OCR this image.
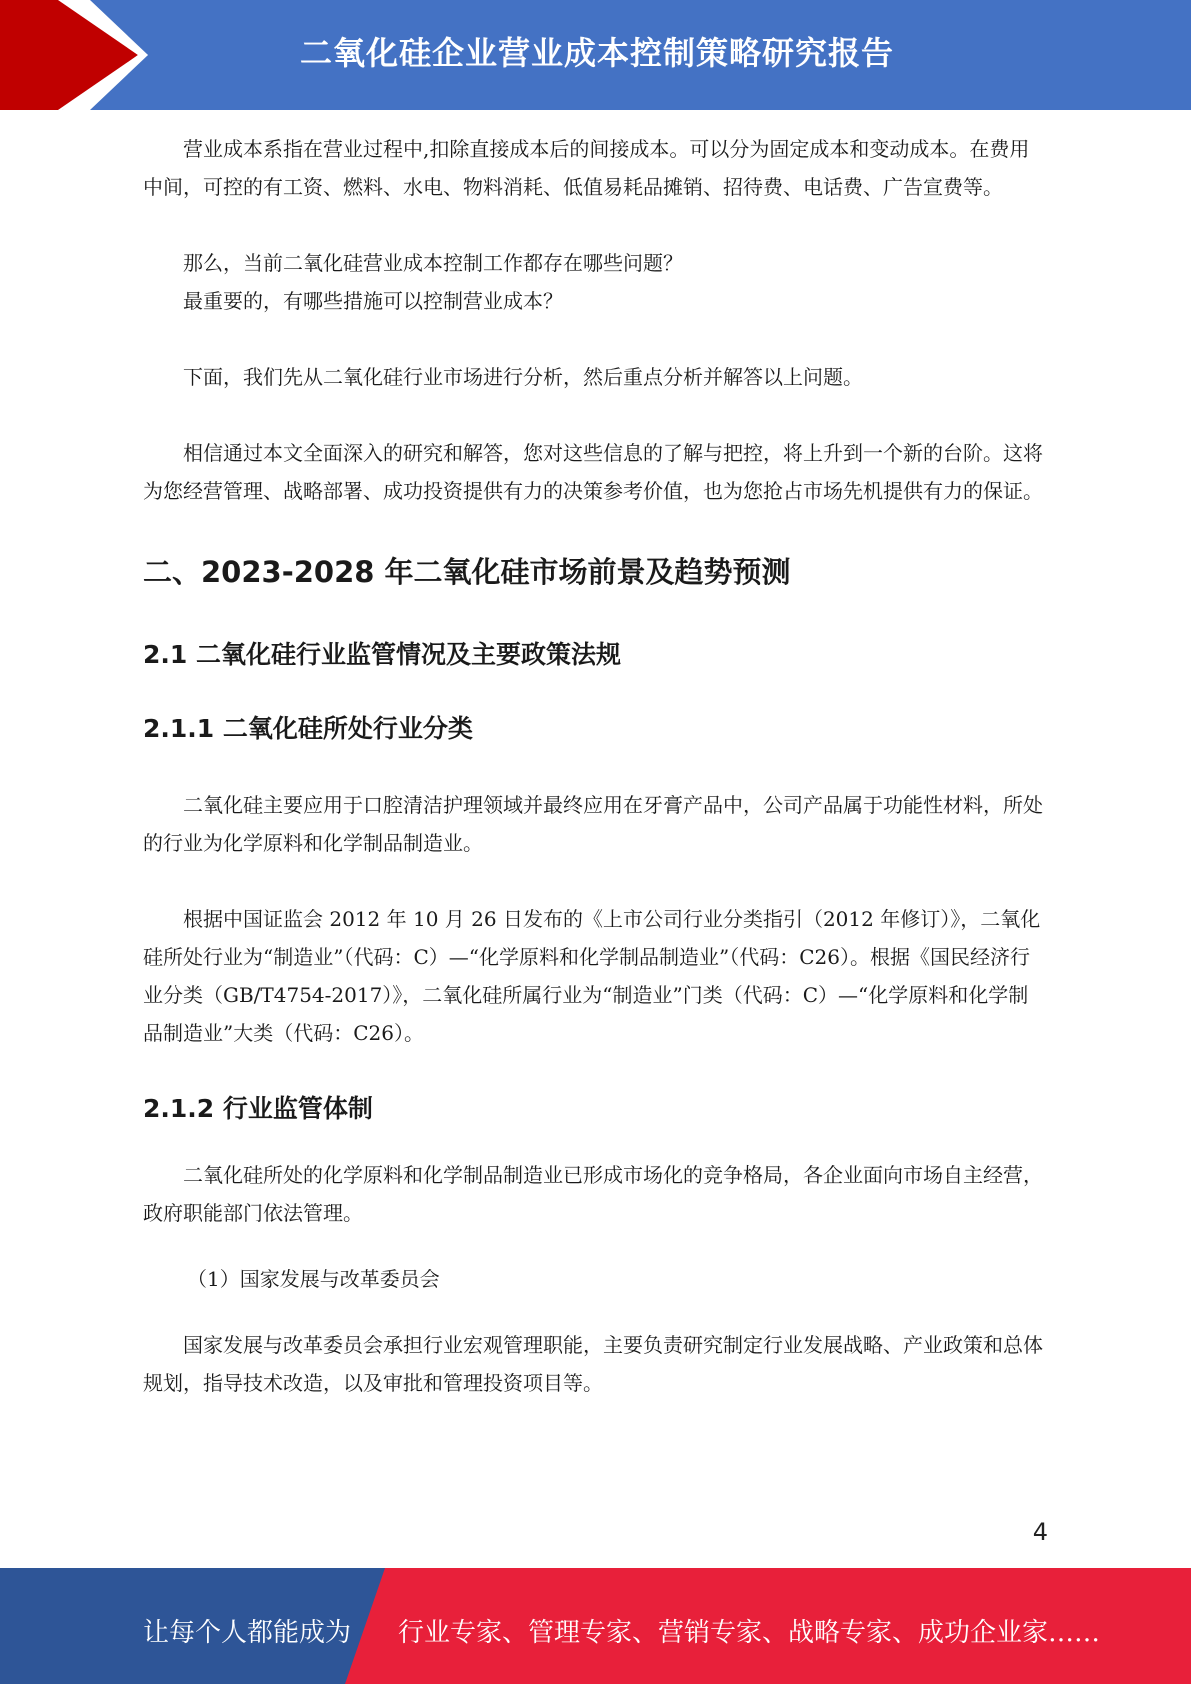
二氧化硅企业营业成本控制策略研究报告

营业成本系指在营业过程中,扣除直接成本后的间接成本。可以分为固定成本和变动成本。在费用中间，可控的有工资、燃料、水电、物料消耗、低值易耗品摊销、招待费、电话费、广告宣费等。

那么，当前二氧化硅营业成本控制工作都存在哪些问题？

最重要的，有哪些措施可以控制营业成本？

下面，我们先从二氧化硅行业市场进行分析，然后重点分析并解答以上问题。

相信通过本文全面深入的研究和解答，您对这些信息的了解与把控，将上升到一个新的台阶。这将为您经营管理、战略部署、成功投资提供有力的决策参考价值，也为您抢占市场先机提供有力的保证。

二、2023-2028 年二氧化硅市场前景及趋势预测
2.1 二氧化硅行业监管情况及主要政策法规
2.1.1 二氧化硅所处行业分类

二氧化硅主要应用于口腔清洁护理领域并最终应用在牙膏产品中，公司产品属于功能性材料，所处的行业为化学原料和化学制品制造业。

根据中国证监会 2012 年 10 月 26 日发布的《上市公司行业分类指引（2012 年修订）》，二氧化硅所处行业为“制造业”（代码：C）—“化学原料和化学制品制造业”（代码：C26）。根据《国民经济行业分类（GB/T4754-2017）》，二氧化硅所属行业为“制造业”门类（代码：C）—“化学原料和化学制品制造业”大类（代码：C26）。

2.1.2 行业监管体制

二氧化硅所处的化学原料和化学制品制造业已形成市场化的竞争格局，各企业面向市场自主经营，政府职能部门依法管理。

（1）国家发展与改革委员会

国家发展与改革委员会承担行业宏观管理职能，主要负责研究制定行业发展战略、产业政策和总体规划，指导技术改造，以及审批和管理投资项目等。

4
让每个人都能成为 行业专家、管理专家、营销专家、战略专家、成功企业家……
